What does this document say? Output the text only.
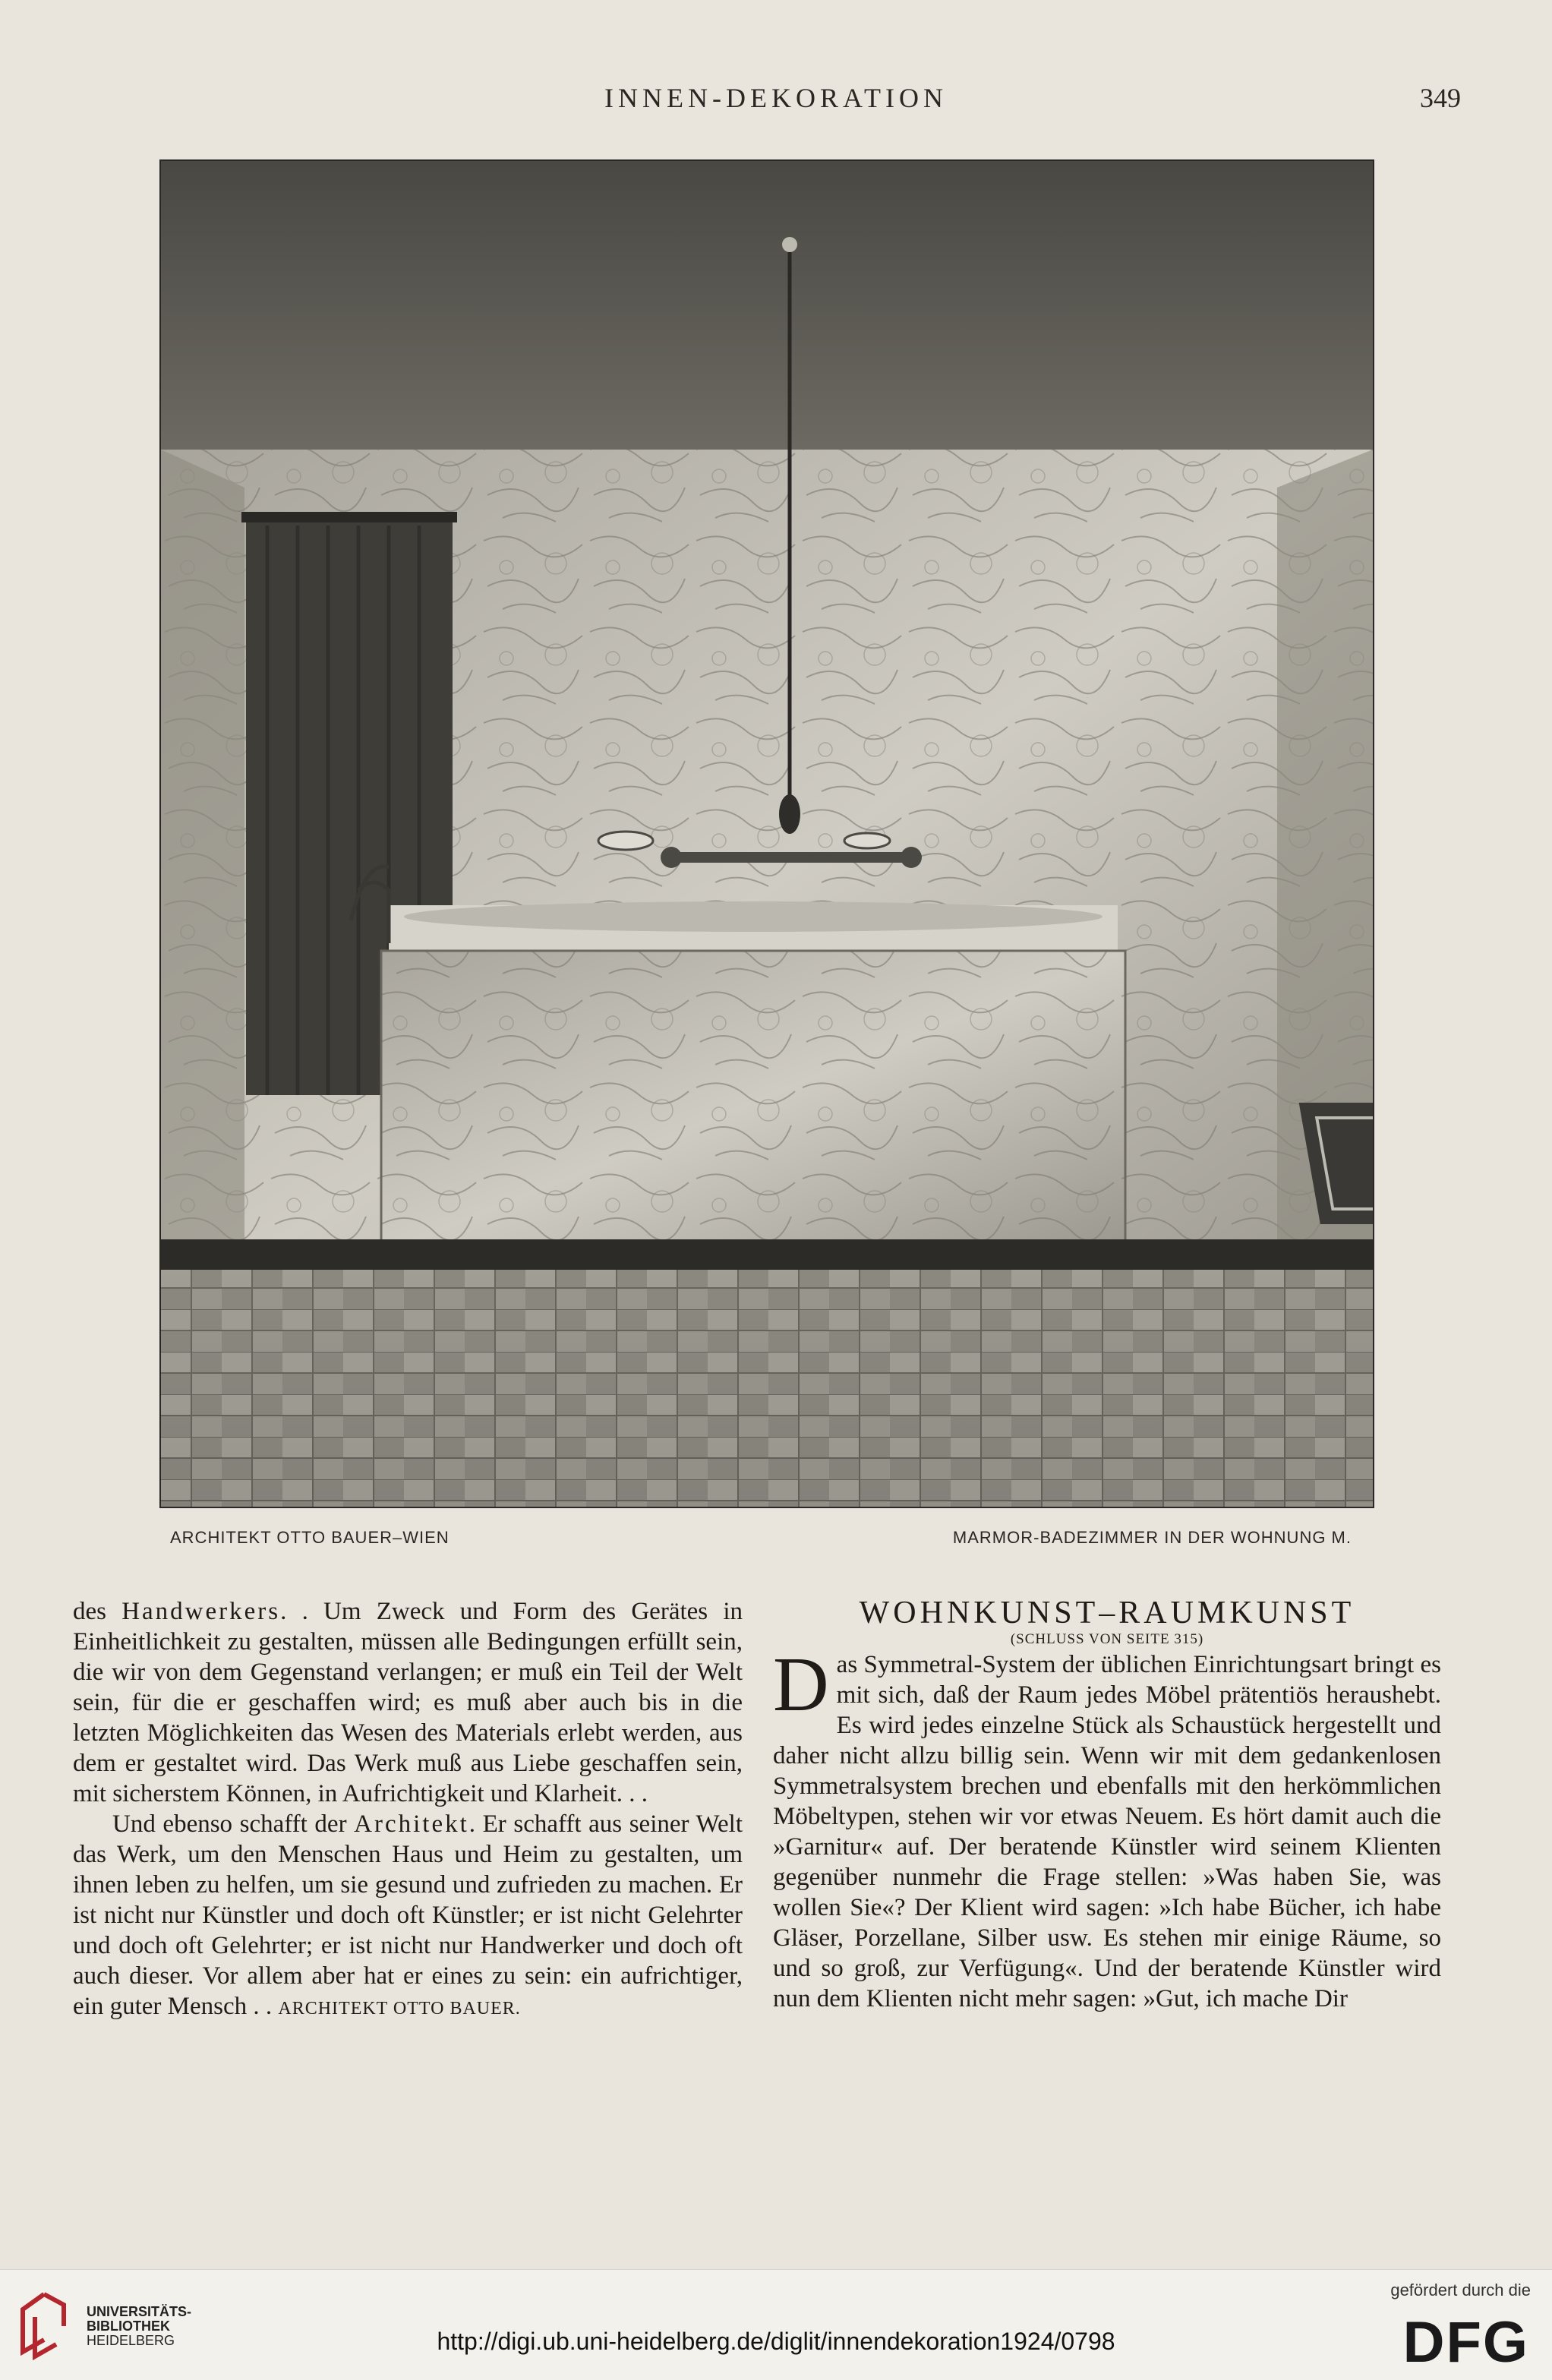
INNEN-DEKORATION	349
ARCHITEKT OTTO BAUER–WIEN	MARMOR-BADEZIMMER IN DER WOHNUNG M.

des Handwerkers. . Um Zweck und Form des Gerätes in Einheitlichkeit zu gestalten, müssen alle Bedingungen erfüllt sein, die wir von dem Gegenstand verlangen; er muß ein Teil der Welt sein, für die er geschaffen wird; es muß aber auch bis in die letzten Möglichkeiten das Wesen des Materials erlebt werden, aus dem er gestaltet wird. Das Werk muß aus Liebe geschaffen sein, mit sicherstem Können, in Aufrichtigkeit und Klarheit. . .

Und ebenso schafft der Architekt. Er schafft aus seiner Welt das Werk, um den Menschen Haus und Heim zu gestalten, um ihnen leben zu helfen, um sie gesund und zufrieden zu machen. Er ist nicht nur Künstler und doch oft Künstler; er ist nicht Gelehrter und doch oft Gelehrter; er ist nicht nur Handwerker und doch oft auch dieser. Vor allem aber hat er eines zu sein: ein aufrichtiger, ein guter Mensch . . ARCHITEKT OTTO BAUER.

WOHNKUNST–RAUMKUNST

(SCHLUSS VON SEITE 315)

Das Symmetral-System der üblichen Einrichtungsart bringt es mit sich, daß der Raum jedes Möbel prätentiös heraushebt. Es wird jedes einzelne Stück als Schaustück hergestellt und daher nicht allzu billig sein. Wenn wir mit dem gedankenlosen Symmetralsystem brechen und ebenfalls mit den herkömmlichen Möbeltypen, stehen wir vor etwas Neuem. Es hört damit auch die »Garnitur« auf. Der beratende Künstler wird seinem Klienten gegenüber nunmehr die Frage stellen: »Was haben Sie, was wollen Sie«? Der Klient wird sagen: »Ich habe Bücher, ich habe Gläser, Porzellane, Silber usw. Es stehen mir einige Räume, so und so groß, zur Verfügung«. Und der beratende Künstler wird nun dem Klienten nicht mehr sagen: »Gut, ich mache Dir

UNIVERSITÄTS-
BIBLIOTHEK
HEIDELBERG	http://digi.ub.uni-heidelberg.de/diglit/innendekoration1924/0798
gefördert durch die
DFG
